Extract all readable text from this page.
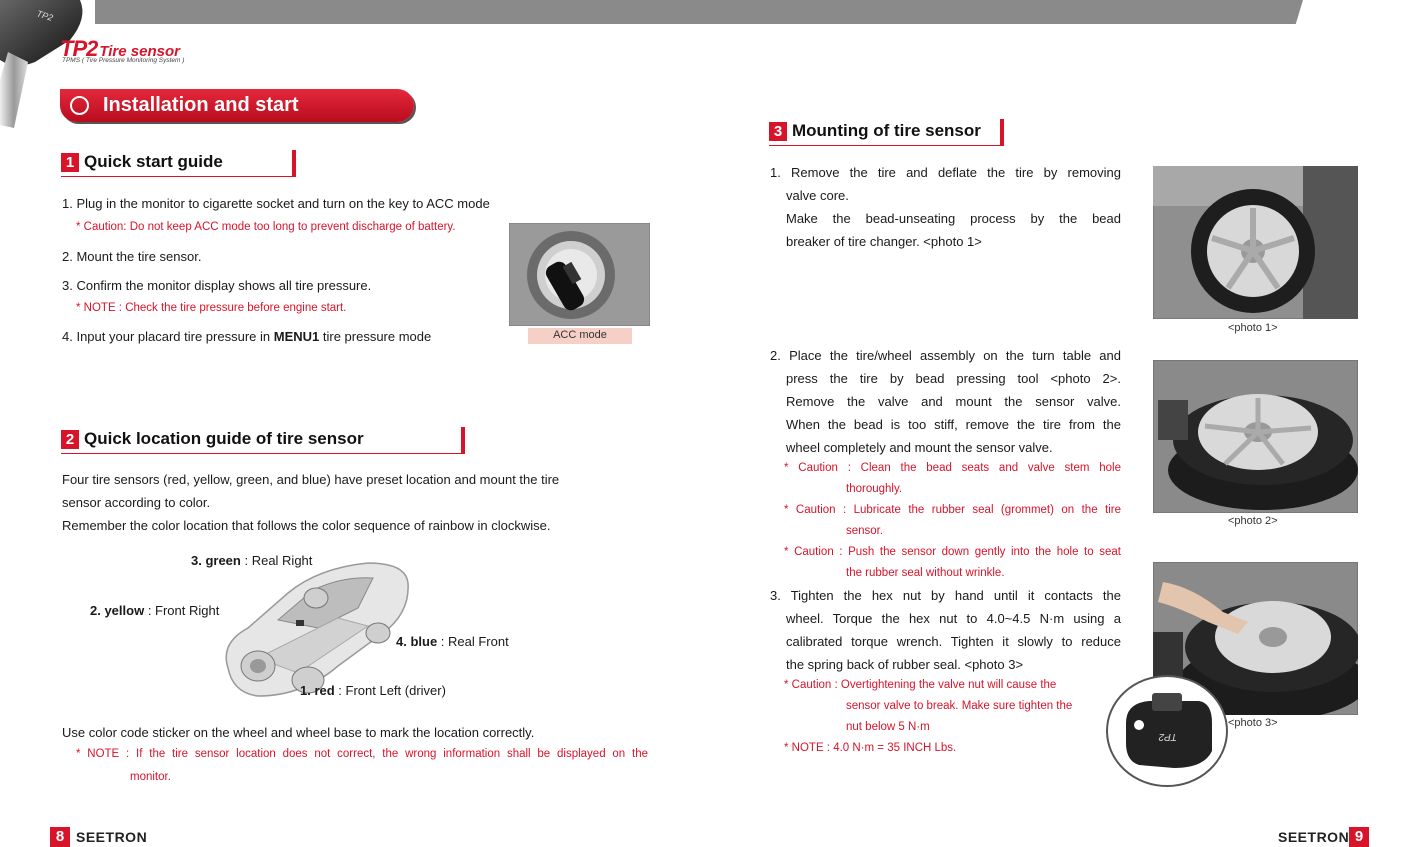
TP2
TP2 Tire sensor
TPMS ( Tire Pressure Monitoring System )
Installation and start
1 Quick start guide
1. Plug in the monitor to cigarette socket and turn on the key to ACC mode
* Caution: Do not keep ACC mode too long to prevent discharge of battery.
2. Mount the tire sensor.
3. Confirm the monitor display shows all tire pressure.
* NOTE : Check the tire pressure before engine start.
4. Input your placard tire pressure in MENU1 tire pressure mode	ACC mode
2 Quick location guide of tire sensor
Four tire sensors (red, yellow, green, and blue) have preset location and mount the tire
sensor according to color.
Remember the color location that follows the color sequence of rainbow in clockwise.
3. green : Real Right
2. yellow : Front Right
4. blue : Real Front
1. red : Front Left (driver)
Use color code sticker on the wheel and wheel base to mark the location correctly.
* NOTE : If the tire sensor location does not correct, the wrong information shall be displayed on the
monitor.
3 Mounting of tire sensor
1. Remove the tire and deflate the tire by removing
valve core.
Make the bead-unseating process by the bead
breaker of tire changer. <photo 1>
2. Place the tire/wheel assembly on the turn table and
press the tire by bead pressing tool <photo 2>.
Remove the valve and mount the sensor valve.
When the bead is too stiff, remove the tire from the
wheel completely and mount the sensor valve.
* Caution : Clean the bead seats and valve stem hole
thoroughly.
* Caution : Lubricate the rubber seal (grommet) on the tire
sensor.
* Caution : Push the sensor down gently into the hole to seat
the rubber seal without wrinkle.
3. Tighten the hex nut by hand until it contacts the
wheel. Torque the hex nut to 4.0~4.5 N·m using a
calibrated torque wrench. Tighten it slowly to reduce
the spring back of rubber seal. <photo 3>
* Caution : Overtightening the valve nut will cause the
sensor valve to break. Make sure tighten the
nut below 5 N·m
* NOTE : 4.0 N·m = 35 INCH Lbs.
<photo 1>
<photo 2>
<photo 3>
TP2
8 SEETRON	SEETRON 9
